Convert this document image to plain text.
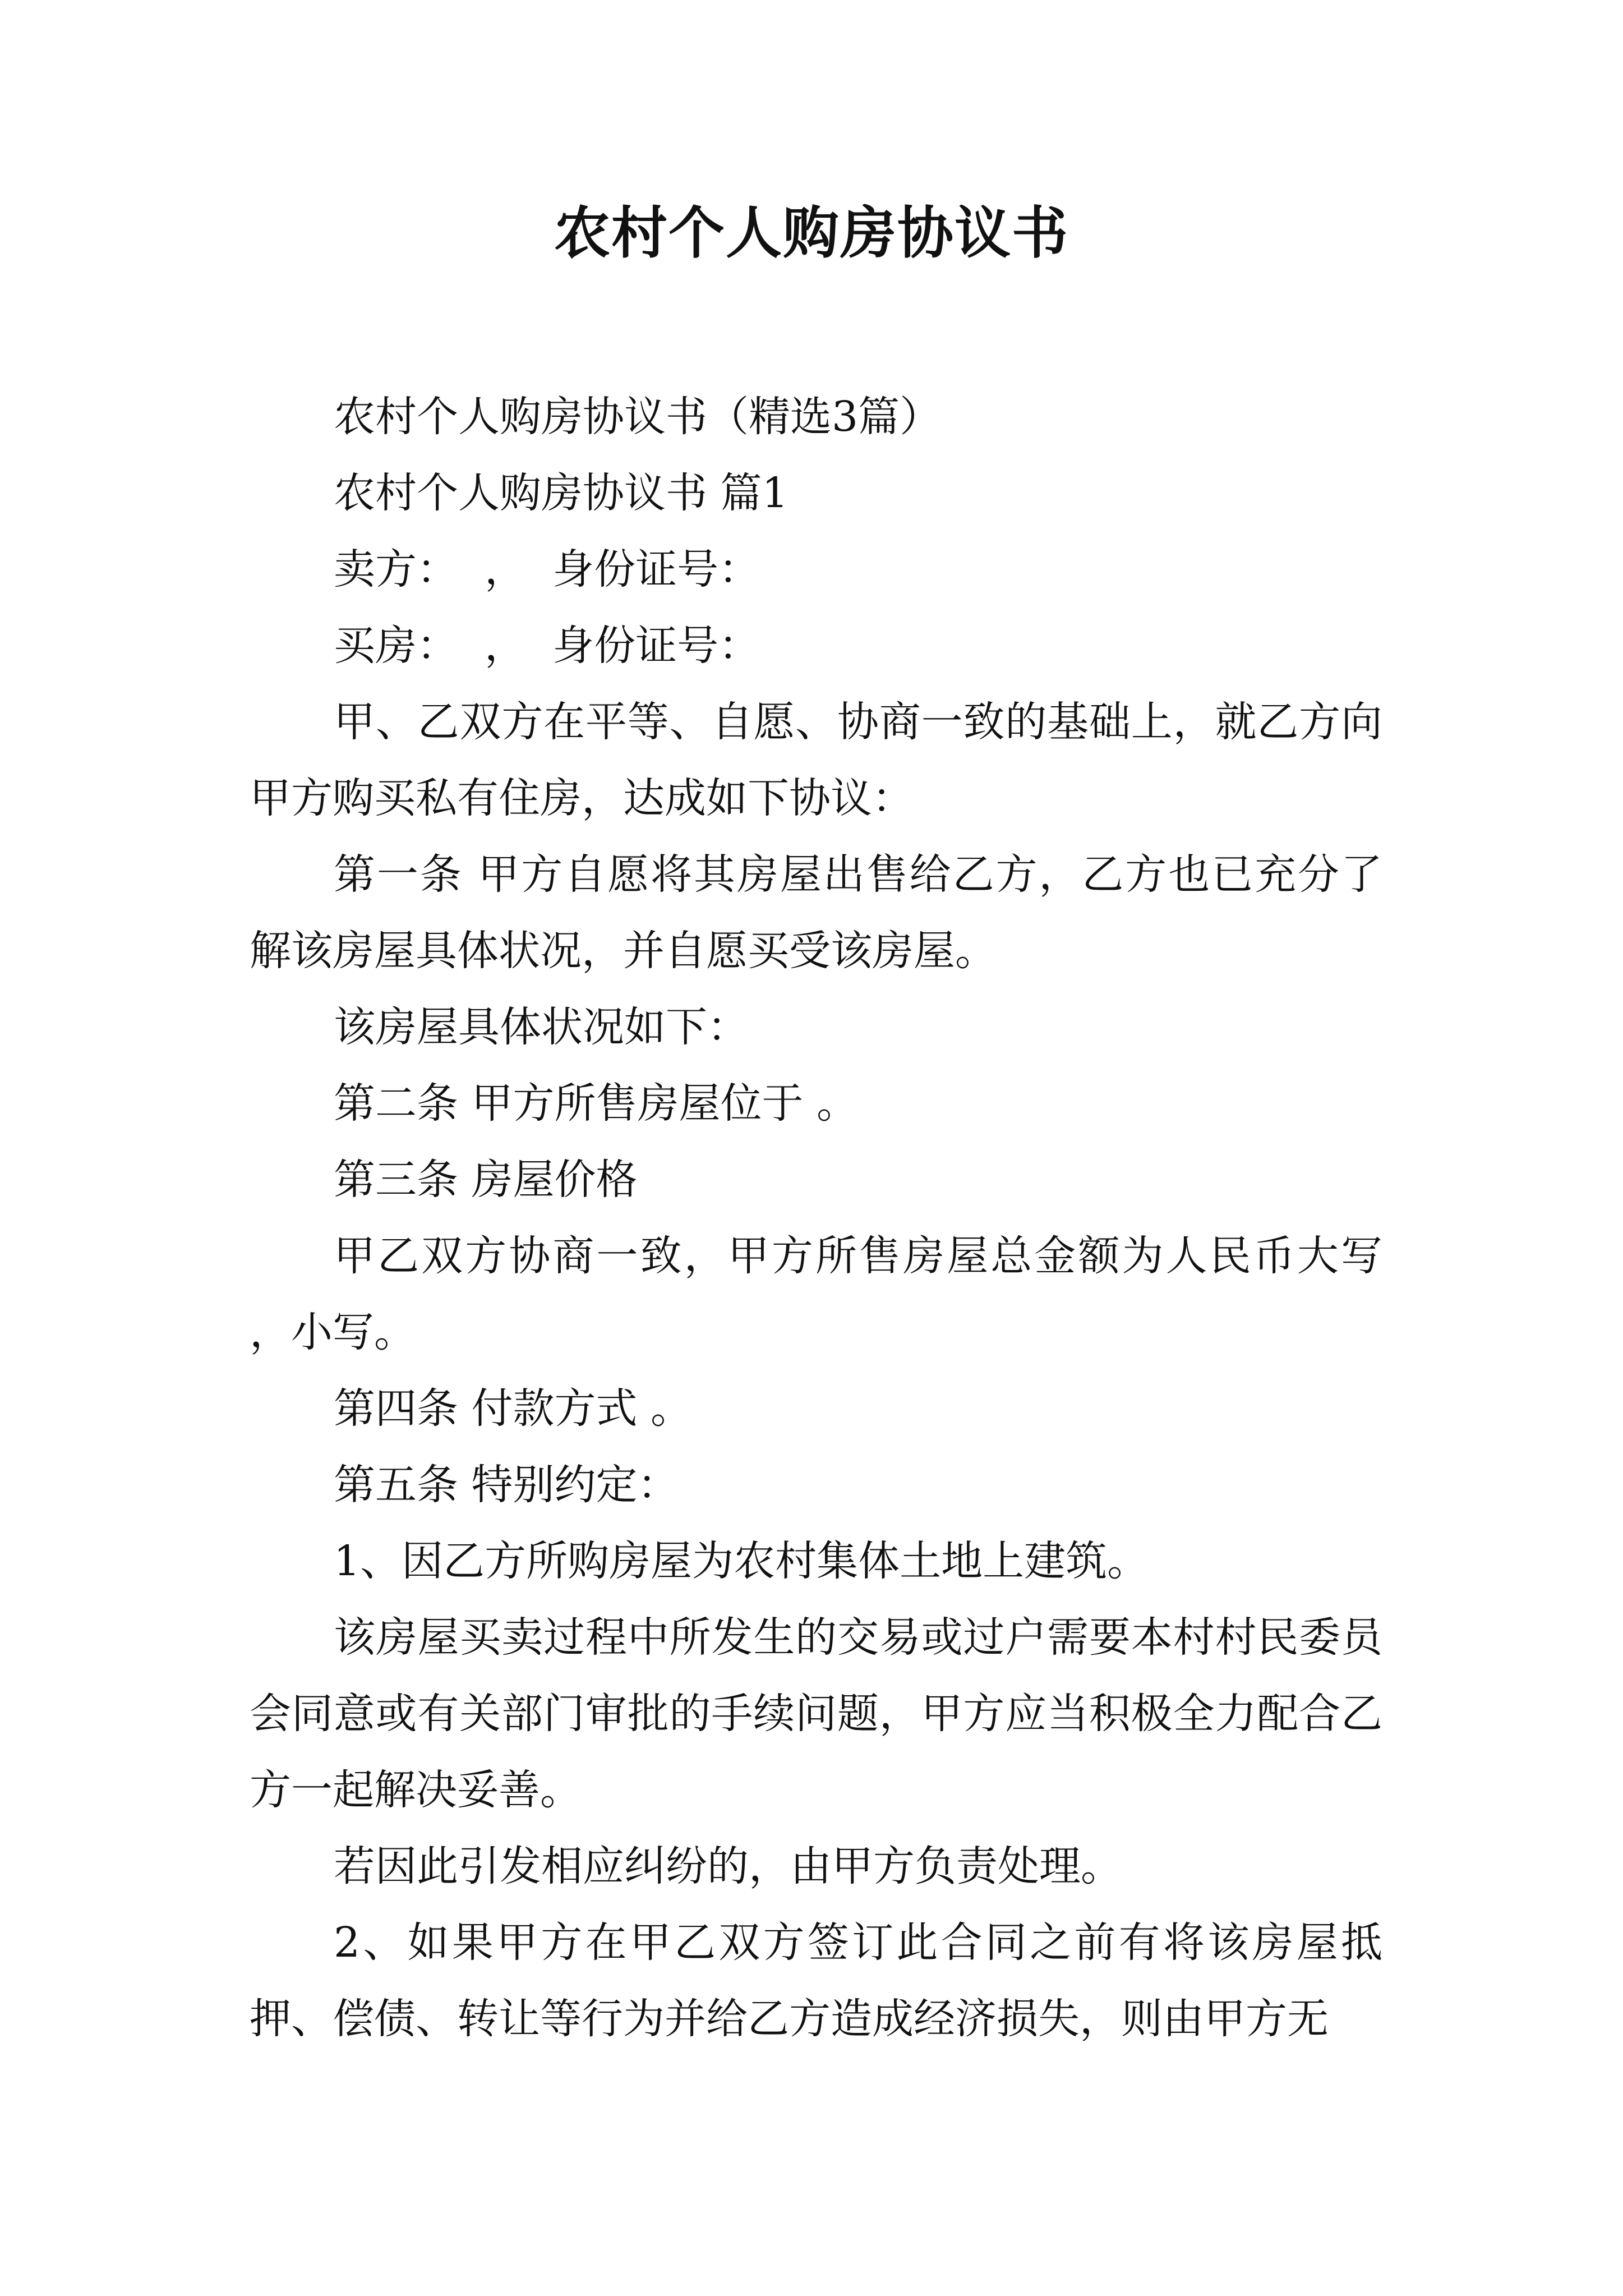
农村个人购房协议书

农村个人购房协议书（精选3篇）

农村个人购房协议书 篇1

卖方：  ，  身份证号：

买房：  ，  身份证号：

甲、乙双方在平等、自愿、协商一致的基础上，就乙方向甲方购买私有住房，达成如下协议：

第一条 甲方自愿将其房屋出售给乙方，乙方也已充分了解该房屋具体状况，并自愿买受该房屋。

该房屋具体状况如下：

第二条 甲方所售房屋位于 。

第三条 房屋价格

甲乙双方协商一致，甲方所售房屋总金额为人民币大写 ，小写。

第四条 付款方式 。

第五条 特别约定：

1、因乙方所购房屋为农村集体土地上建筑。

该房屋买卖过程中所发生的交易或过户需要本村村民委员会同意或有关部门审批的手续问题，甲方应当积极全力配合乙方一起解决妥善。

若因此引发相应纠纷的，由甲方负责处理。

2、如果甲方在甲乙双方签订此合同之前有将该房屋抵押、偿债、转让等行为并给乙方造成经济损失，则由甲方无
